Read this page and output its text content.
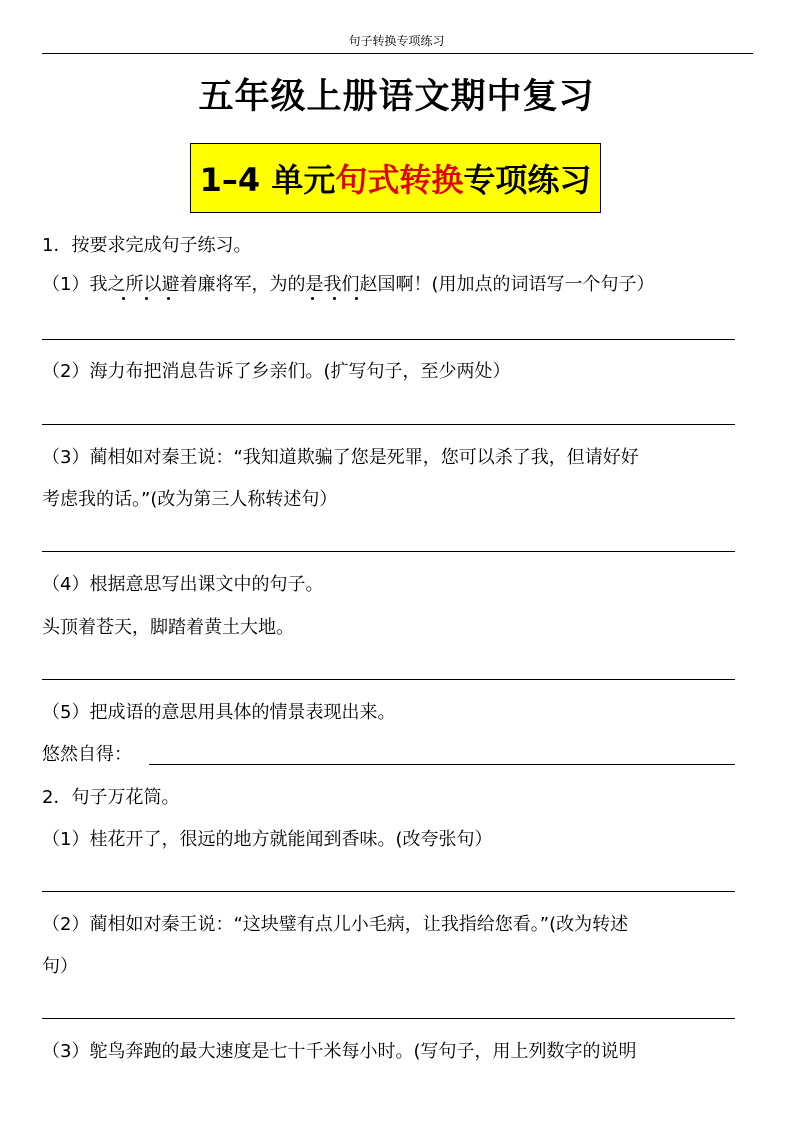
句子转换专项练习
五年级上册语文期中复习
1–4 单元 句式转换 专项练习
1．按要求完成句子练习。
（1）我之所以避着廉将军，为的是我们赵国啊！(用加点的词语写一个句子）
（2）海力布把消息告诉了乡亲们。(扩写句子，至少两处）
（3）蔺相如对秦王说：“我知道欺骗了您是死罪，您可以杀了我，但请好好
考虑我的话。”(改为第三人称转述句）
（4）根据意思写出课文中的句子。
头顶着苍天，脚踏着黄土大地。
（5）把成语的意思用具体的情景表现出来。
悠然自得：
2．句子万花筒。
（1）桂花开了，很远的地方就能闻到香味。(改夸张句）
（2）蔺相如对秦王说：“这块璧有点儿小毛病，让我指给您看。”(改为转述
句）
（3）鸵鸟奔跑的最大速度是七十千米每小时。(写句子，用上列数字的说明
